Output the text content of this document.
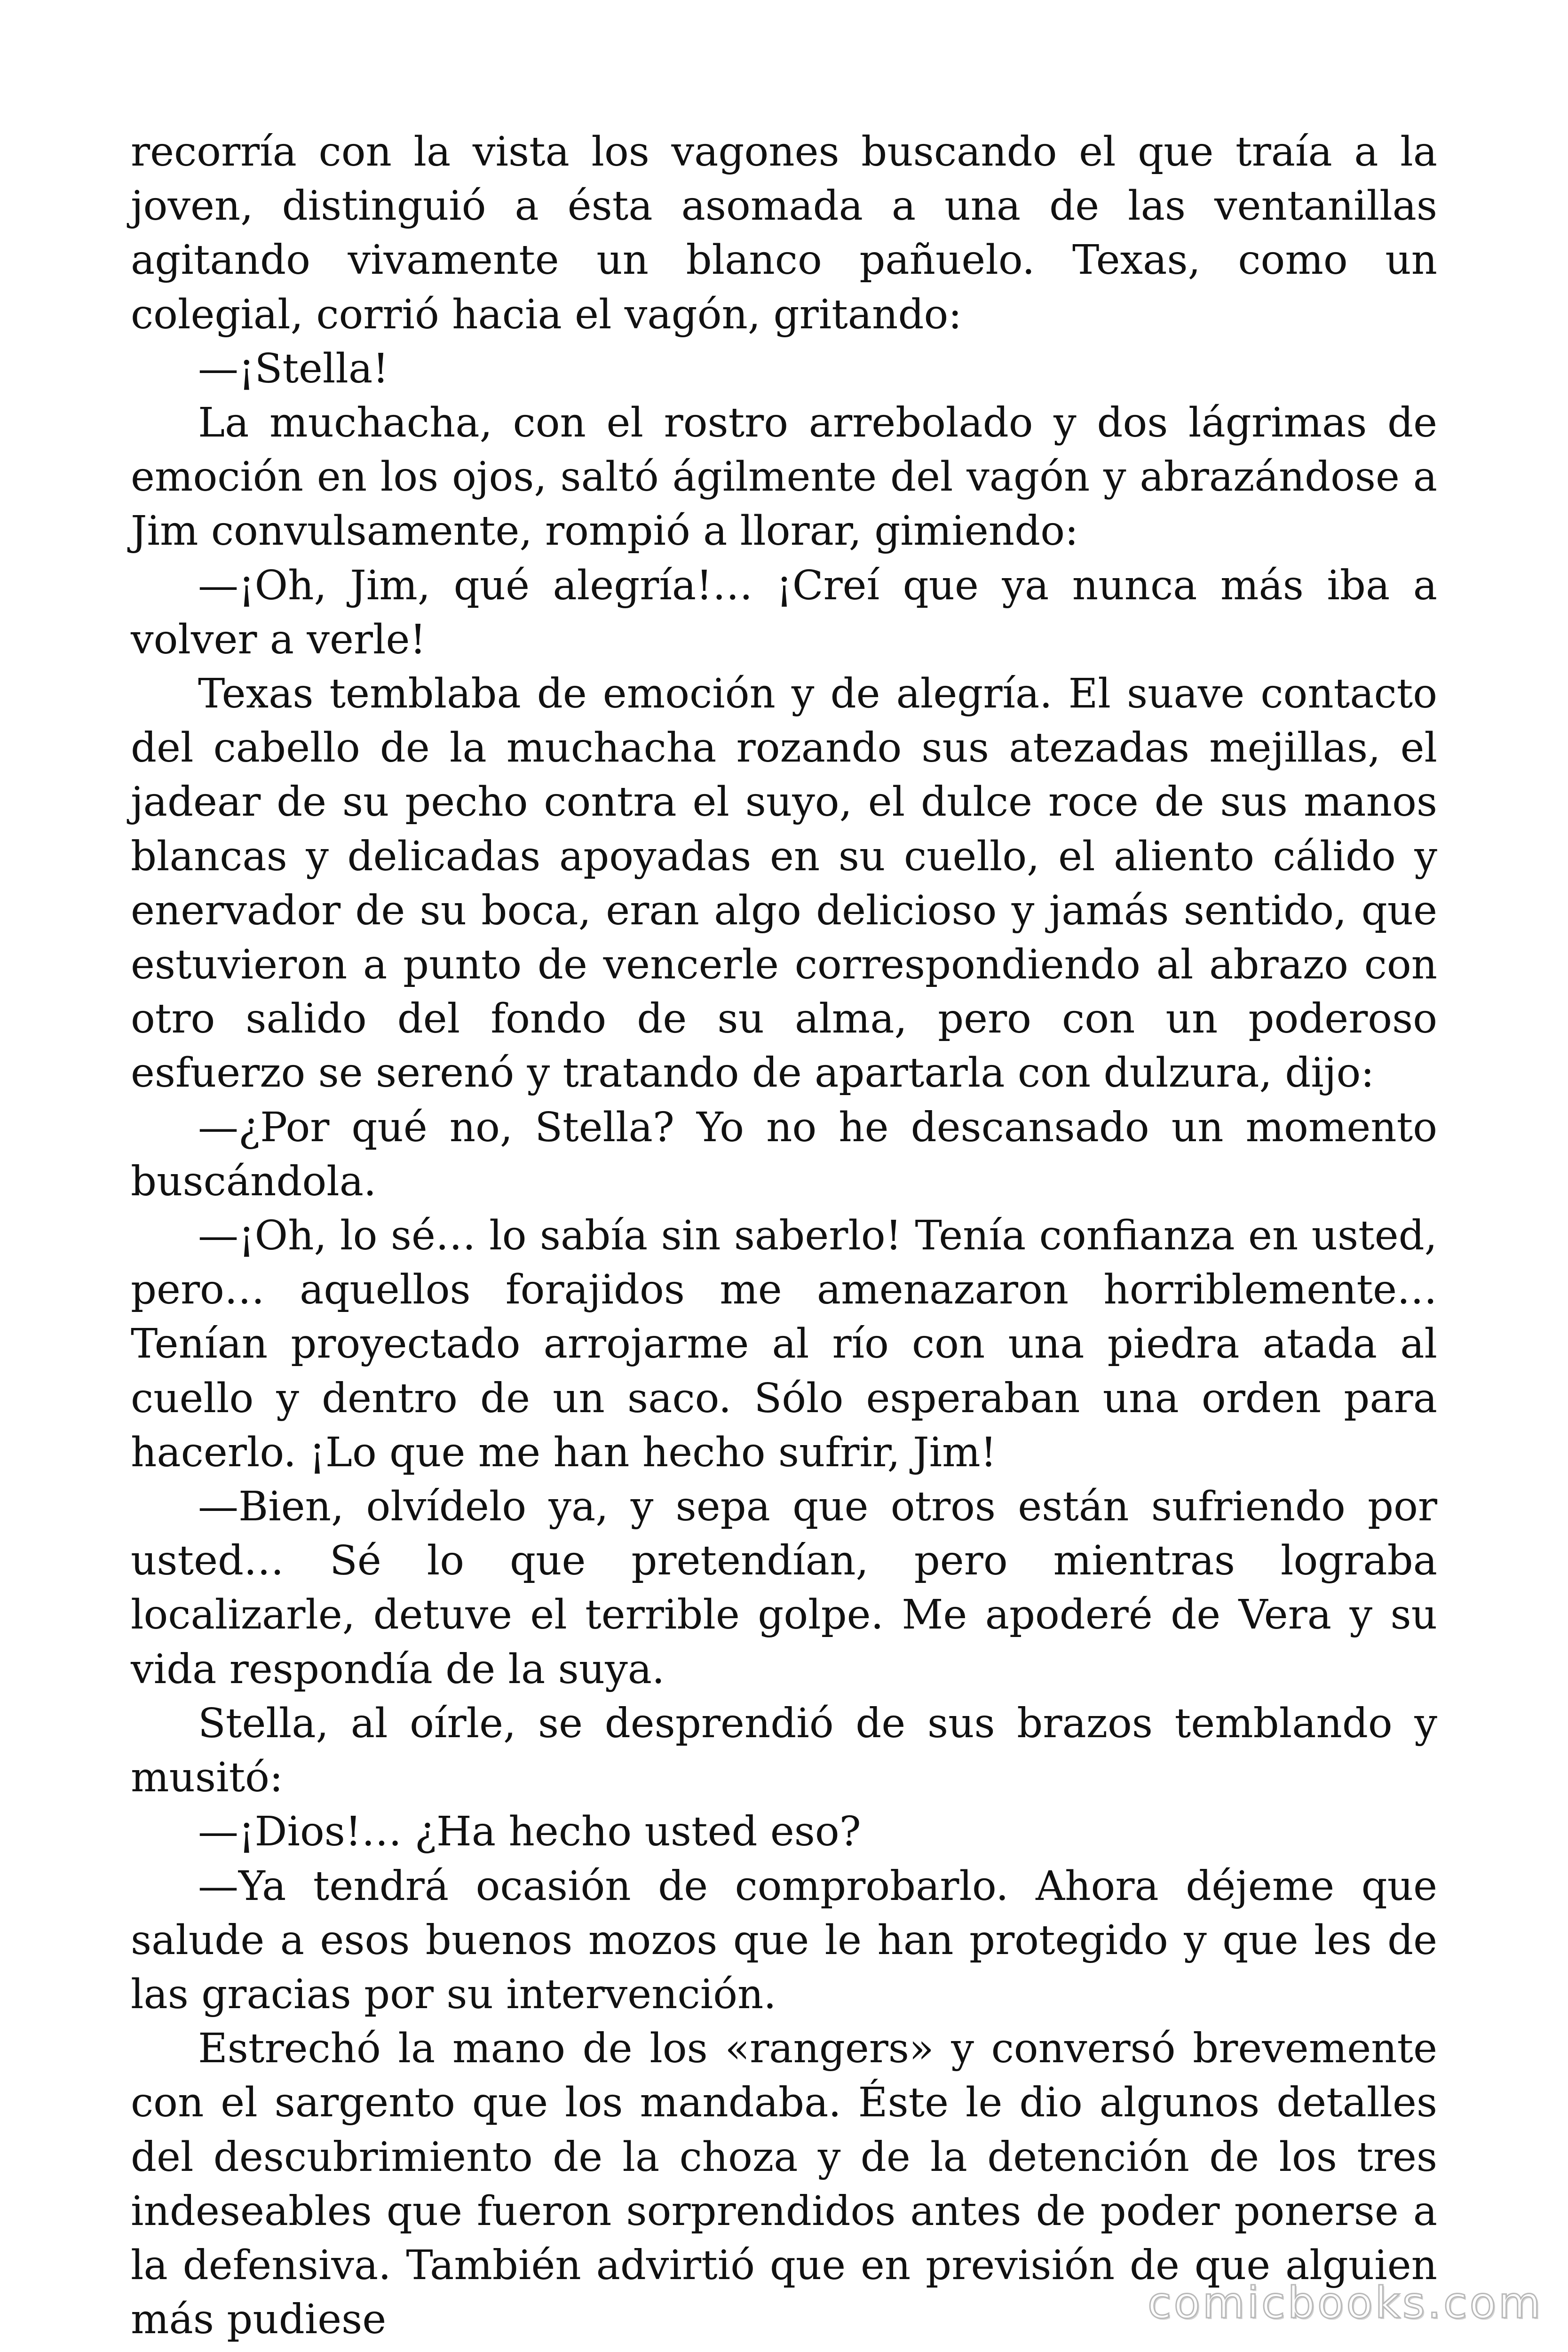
recorría con la vista los vagones buscando el que traía a la joven, distinguió a ésta asomada a una de las ventanillas agitando vivamente un blanco pañuelo. Texas, como un colegial, corrió hacia el vagón, gritando:

—¡Stella!

La muchacha, con el rostro arrebolado y dos lágrimas de emoción en los ojos, saltó ágilmente del vagón y abrazándose a Jim convulsamente, rompió a llorar, gimiendo:

—¡Oh, Jim, qué alegría!… ¡Creí que ya nunca más iba a volver a verle!

Texas temblaba de emoción y de alegría. El suave contacto del cabello de la muchacha rozando sus atezadas mejillas, el jadear de su pecho contra el suyo, el dulce roce de sus manos blancas y delicadas apoyadas en su cuello, el aliento cálido y enervador de su boca, eran algo delicioso y jamás sentido, que estuvieron a punto de vencerle correspondiendo al abrazo con otro salido del fondo de su alma, pero con un poderoso esfuerzo se serenó y tratando de apartarla con dulzura, dijo:

—¿Por qué no, Stella? Yo no he descansado un momento buscándola.

—¡Oh, lo sé… lo sabía sin saberlo! Tenía confianza en usted, pero… aquellos forajidos me amenazaron horriblemente… Tenían proyectado arrojarme al río con una piedra atada al cuello y dentro de un saco. Sólo esperaban una orden para hacerlo. ¡Lo que me han hecho sufrir, Jim!

—Bien, olvídelo ya, y sepa que otros están sufriendo por usted… Sé lo que pretendían, pero mientras lograba localizarle, detuve el terrible golpe. Me apoderé de Vera y su vida respondía de la suya.

Stella, al oírle, se desprendió de sus brazos temblando y musitó:

—¡Dios!… ¿Ha hecho usted eso?

—Ya tendrá ocasión de comprobarlo. Ahora déjeme que salude a esos buenos mozos que le han protegido y que les de las gracias por su intervención.

Estrechó la mano de los «rangers» y conversó brevemente con el sargento que los mandaba. Éste le dio algunos detalles del descubrimiento de la choza y de la detención de los tres indeseables que fueron sorprendidos antes de poder ponerse a la defensiva. También advirtió que en previsión de que alguien más pudiese	comicbooks.com
